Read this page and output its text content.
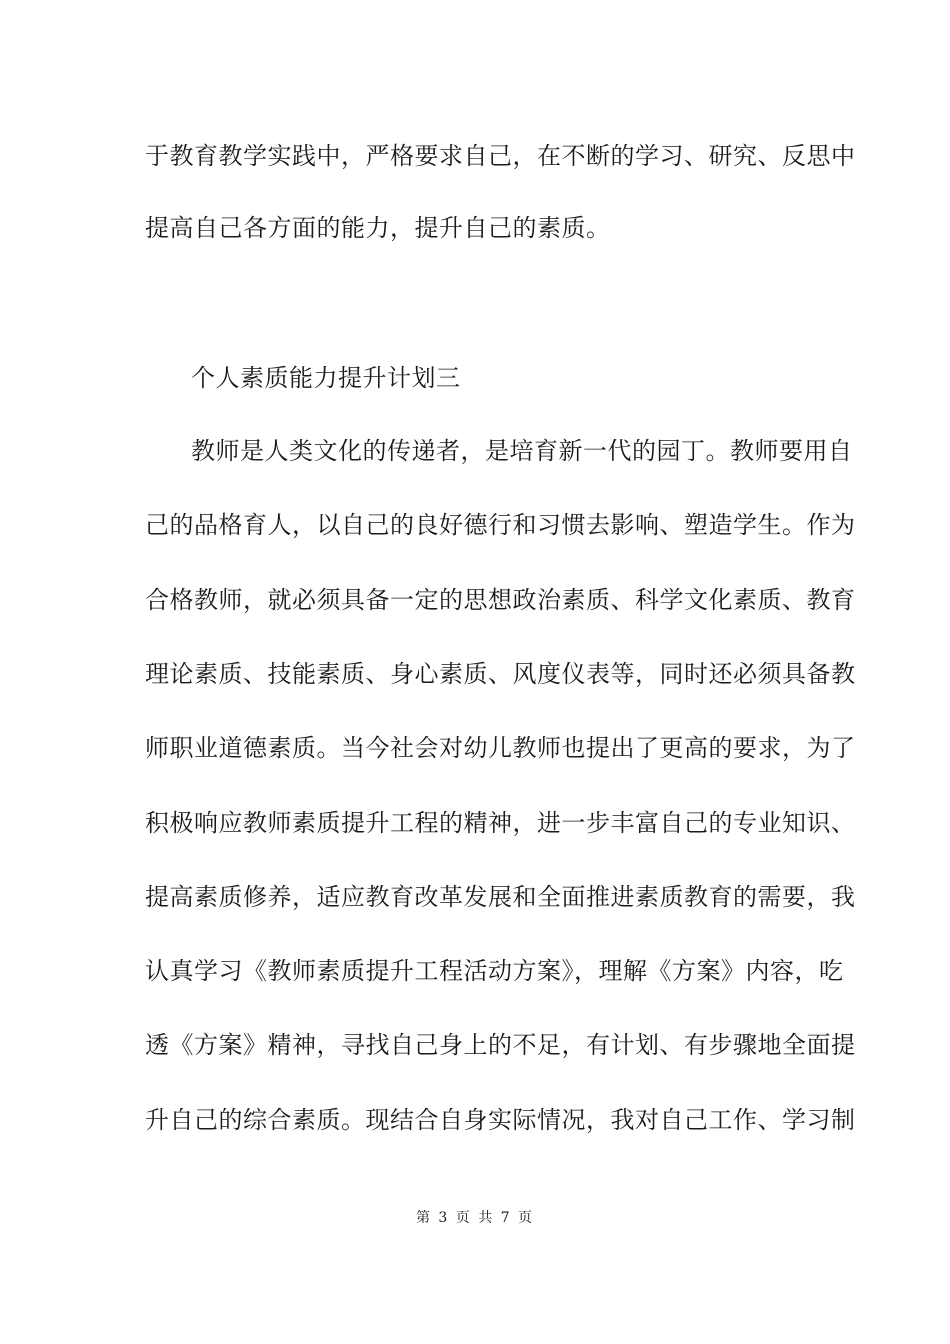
于教育教学实践中，严格要求自己，在不断的学习、研究、反思中
提高自己各方面的能力，提升自己的素质。
个人素质能力提升计划三
教师是人类文化的传递者，是培育新一代的园丁。教师要用自
己的品格育人，以自己的良好德行和习惯去影响、塑造学生。作为
合格教师，就必须具备一定的思想政治素质、科学文化素质、教育
理论素质、技能素质、身心素质、风度仪表等，同时还必须具备教
师职业道德素质。当今社会对幼儿教师也提出了更高的要求，为了
积极响应教师素质提升工程的精神，进一步丰富自己的专业知识、
提高素质修养，适应教育改革发展和全面推进素质教育的需要，我
认真学习《教师素质提升工程活动方案》，理解《方案》内容，吃
透《方案》精神，寻找自己身上的不足，有计划、有步骤地全面提
升自己的综合素质。现结合自身实际情况，我对自己工作、学习制
第 3 页 共 7 页
